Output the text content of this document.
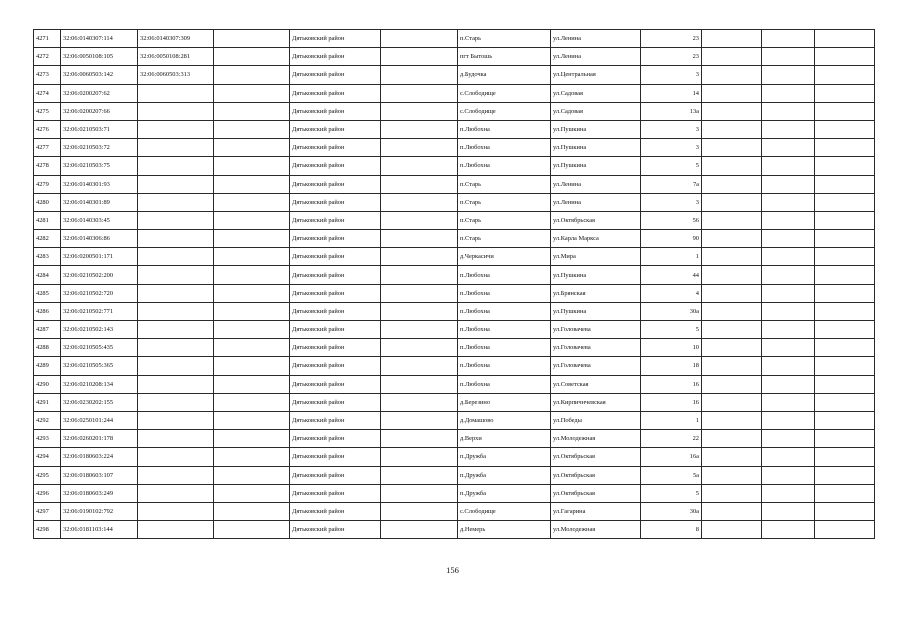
4271	32:06:0140307:114	32:06:0140307:309		Дятьковский район		п.Старь	ул.Ленина	23			
4272	32:06:0050108:105	32:06:0050108:281		Дятьковский район		пгт Бытошь	ул.Ленина	23			
4273	32:06:0060503:142	32:06:0060503:313		Дятьковский район		д.Будочка	ул.Центральная	3			
4274	32:06:0200207:62			Дятьковский район		с.Слободище	ул.Садовая	14			
4275	32:06:0200207:66			Дятьковский район		с.Слободище	ул.Садовая	13а			
4276	32:06:0210503:71			Дятьковский район		п.Любохна	ул.Пушкина	3			
4277	32:06:0210503:72			Дятьковский район		п.Любохна	ул.Пушкина	3			
4278	32:06:0210503:75			Дятьковский район		п.Любохна	ул.Пушкина	5			
4279	32:06:0140301:93			Дятьковский район		п.Старь	ул.Ленина	7а			
4280	32:06:0140301:89			Дятьковский район		п.Старь	ул.Ленина	3			
4281	32:06:0140303:45			Дятьковский район		п.Старь	ул.Октябрьская	56			
4282	32:06:0140306:86			Дятьковский район		п.Старь	ул.Карла Маркса	90			
4283	32:06:0200501:171			Дятьковский район		д.Черкасичи	ул.Мира	1			
4284	32:06:0210502:200			Дятьковский район		п.Любохна	ул.Пушкина	44			
4285	32:06:0210502:720			Дятьковский район		п.Любохна	ул.Брянская	4			
4286	32:06:0210502:771			Дятьковский район		п.Любохна	ул.Пушкина	30а			
4287	32:06:0210502:143			Дятьковский район		п.Любохна	ул.Головачева	5			
4288	32:06:0210505:435			Дятьковский район		п.Любохна	ул.Головачева	10			
4289	32:06:0210505:365			Дятьковский район		п.Любохна	ул.Головачева	18			
4290	32:06:0210208:134			Дятьковский район		п.Любохна	ул.Советская	16			
4291	32:06:0230202:155			Дятьковский район		д.Березино	ул.Кирпичнчевская	16			
4292	32:06:0250101:244			Дятьковский район		д.Домашово	ул.Победы	1			
4293	32:06:0260201:178			Дятьковский район		д.Верхи	ул.Молодежная	22			
4294	32:06:0180603:224			Дятьковский район		п.Дружба	ул.Октябрьская	16а			
4295	32:06:0180603:107			Дятьковский район		п.Дружба	ул.Октябрьская	5а			
4296	32:06:0180603:249			Дятьковский район		п.Дружба	ул.Октябрьская	5			
4297	32:06:0190102:792			Дятьковский район		с.Слободище	ул.Гагарина	30а			
4298	32:06:0181103:144			Дятьковский район		д.Немерь	ул.Молодежная	8			
156
